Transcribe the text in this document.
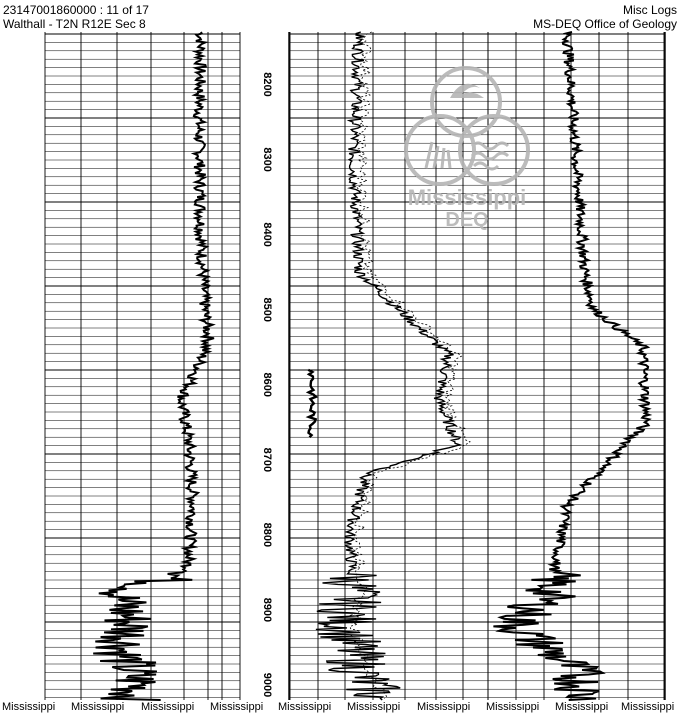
23147001860000 : 11 of 17
Walthall - T2N R12E Sec 8
Misc Logs
MS-DEQ Office of Geology
8200
8300
8400
8500
8600
8700
8800
8900
9000
Mississippi
DEQ
Mississippi Mississippi Mississippi Mississippi Mississippi Mississippi Mississippi Mississippi Mississippi Mississippi
